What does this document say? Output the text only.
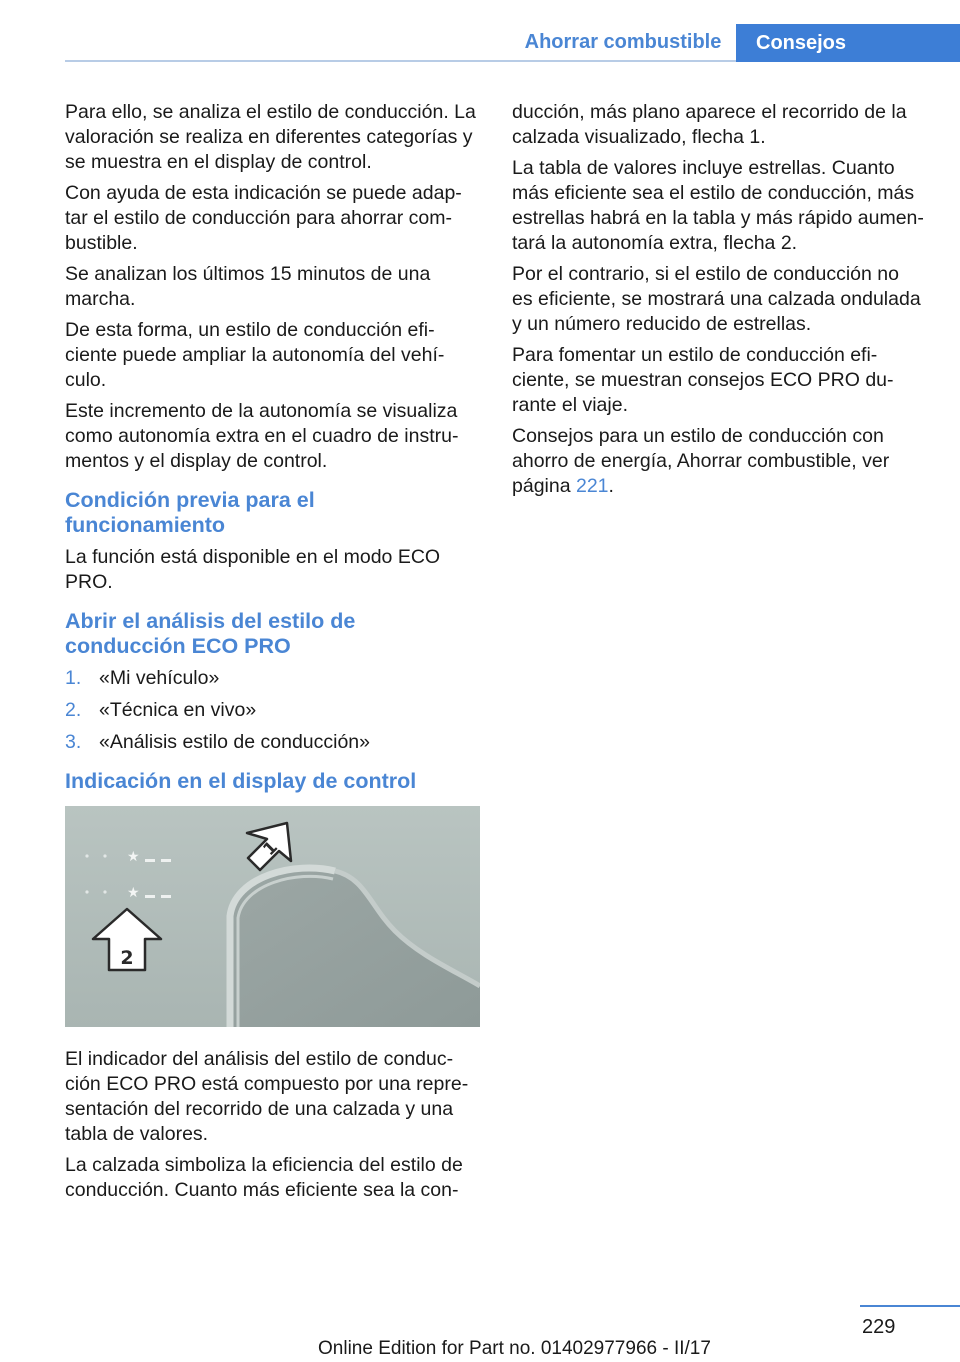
Ahorrar combustible	Consejos

Para ello, se analiza el estilo de conducción. La
valoración se realiza en diferentes categorías y
se muestra en el display de control.

Con ayuda de esta indicación se puede adap‐
tar el estilo de conducción para ahorrar com‐
bustible.

Se analizan los últimos 15 minutos de una
marcha.

De esta forma, un estilo de conducción efi‐
ciente puede ampliar la autonomía del vehí‐
culo.

Este incremento de la autonomía se visualiza
como autonomía extra en el cuadro de instru‐
mentos y el display de control.

Condición previa para el
funcionamiento

La función está disponible en el modo ECO
PRO.

Abrir el análisis del estilo de
conducción ECO PRO
1. «Mi vehículo»
2. «Técnica en vivo»
3. «Análisis estilo de conducción»
Indicación en el display de control
★
★
1
2

El indicador del análisis del estilo de conduc‐
ción ECO PRO está compuesto por una repre‐
sentación del recorrido de una calzada y una
tabla de valores.

La calzada simboliza la eficiencia del estilo de
conducción. Cuanto más eficiente sea la con‐

ducción, más plano aparece el recorrido de la
calzada visualizado, flecha 1.

La tabla de valores incluye estrellas. Cuanto
más eficiente sea el estilo de conducción, más
estrellas habrá en la tabla y más rápido aumen‐
tará la autonomía extra, flecha 2.

Por el contrario, si el estilo de conducción no
es eficiente, se mostrará una calzada ondulada
y un número reducido de estrellas.

Para fomentar un estilo de conducción efi‐
ciente, se muestran consejos ECO PRO du‐
rante el viaje.

Consejos para un estilo de conducción con
ahorro de energía, Ahorrar combustible, ver
página 221.

229
Online Edition for Part no. 01402977966 - II/17
